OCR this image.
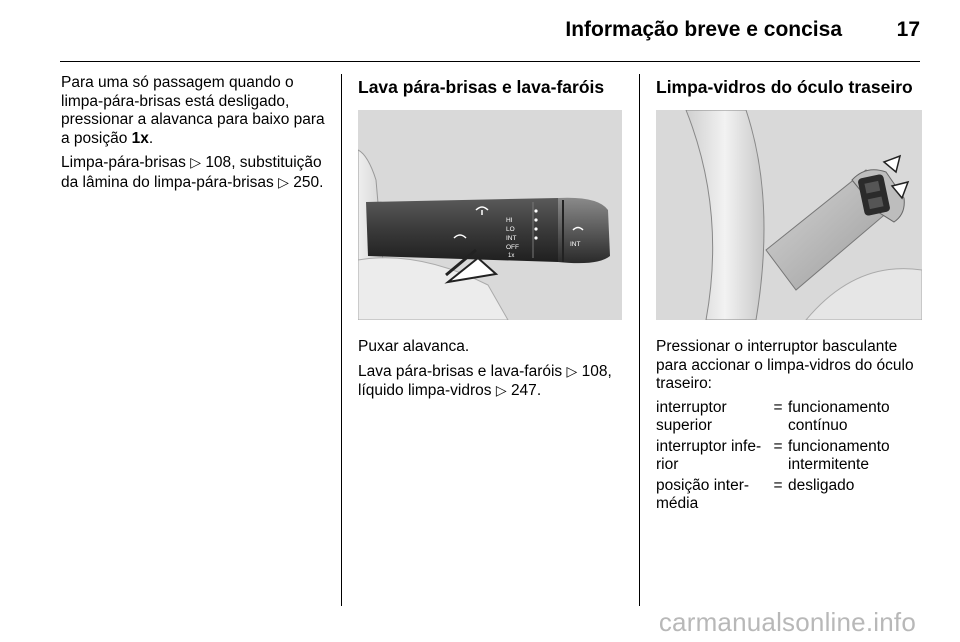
Informação breve e concisa	17

Para uma só passagem quando o limpa-pára-brisas está desligado, pressionar a alavanca para baixo para a posição 1x.

Limpa-pára-brisas ▷ 108, substituição da lâmina do limpa-pára-brisas ▷ 250.

Lava pára-brisas e lava-faróis
HI
LO
INT
OFF
1x
INT

Puxar alavanca.

Lava pára-brisas e lava-faróis ▷ 108, líquido limpa-vidros ▷ 247.

Limpa-vidros do óculo traseiro

Pressionar o interruptor basculante para accionar o limpa-vidros do óculo traseiro:

interruptor superior	=	funcionamento contínuo
interruptor infe-rior	=	funcionamento intermitente
posição inter-média	=	desligado
carmanualsonline.info
